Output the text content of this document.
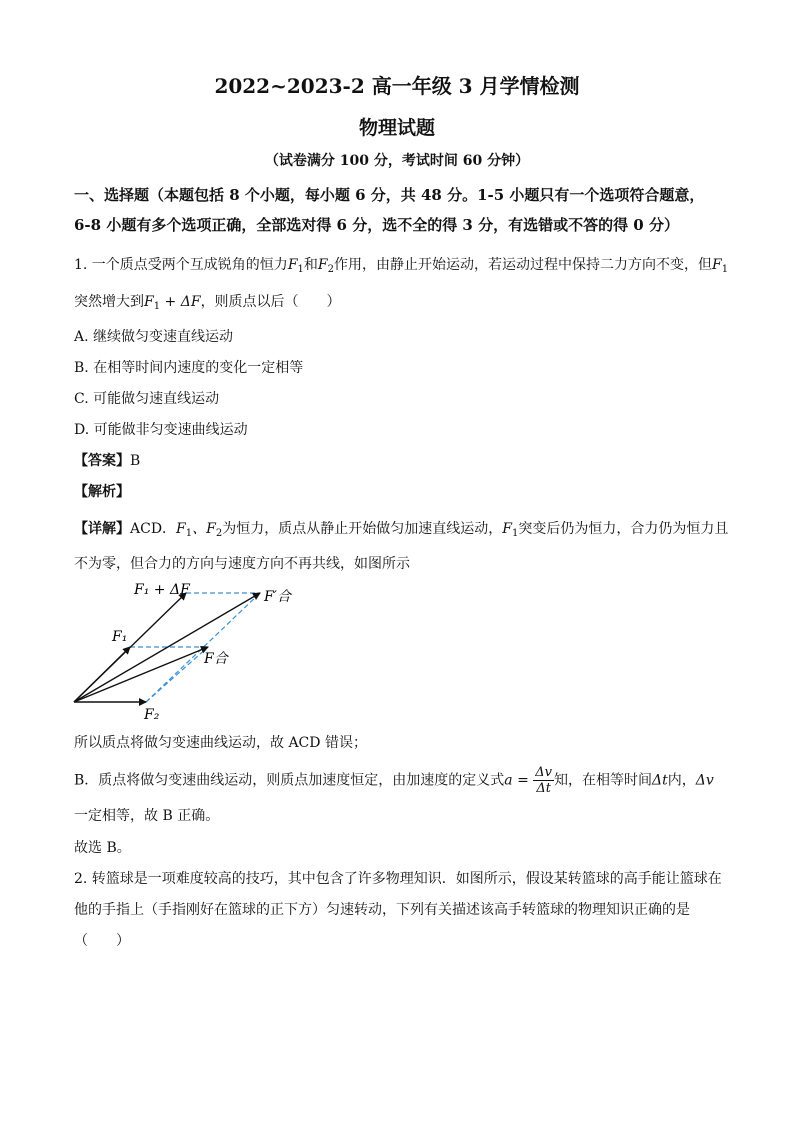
2022~2023-2 高一年级 3 月学情检测
物理试题
（试卷满分 100 分，考试时间 60 分钟）
一、选择题（本题包括 8 个小题，每小题 6 分，共 48 分。1-5 小题只有一个选项符合题意，
6-8 小题有多个选项正确，全部选对得 6 分，选不全的得 3 分，有选错或不答的得 0 分）
1. 一个质点受两个互成锐角的恒力$F_1$和$F_2$作用，由静止开始运动，若运动过程中保持二力方向不变，但$F_1$
突然增大到$F_1 + \Delta F$，则质点以后（　　）
A. 继续做匀变速直线运动
B. 在相等时间内速度的变化一定相等
C. 可能做匀速直线运动
D. 可能做非匀变速曲线运动
【答案】B
【解析】
【详解】ACD．$F_1$、$F_2$为恒力，质点从静止开始做匀加速直线运动，$F_1$突变后仍为恒力，合力仍为恒力且
不为零，但合力的方向与速度方向不再共线，如图所示
F₁ + ΔF	F′合
F₁
F合
F₂
所以质点将做匀变速曲线运动，故 ACD 错误；
B．质点将做匀变速曲线运动，则质点加速度恒定，由加速度的定义式$a = \frac{\Delta v}{\Delta t}$ 知，在相等时间Δt内，Δv
一定相等，故 B 正确。
故选 B。
2. 转篮球是一项难度较高的技巧，其中包含了许多物理知识．如图所示，假设某转篮球的高手能让篮球在
他的手指上（手指刚好在篮球的正下方）匀速转动，下列有关描述该高手转篮球的物理知识正确的是
（　　）
